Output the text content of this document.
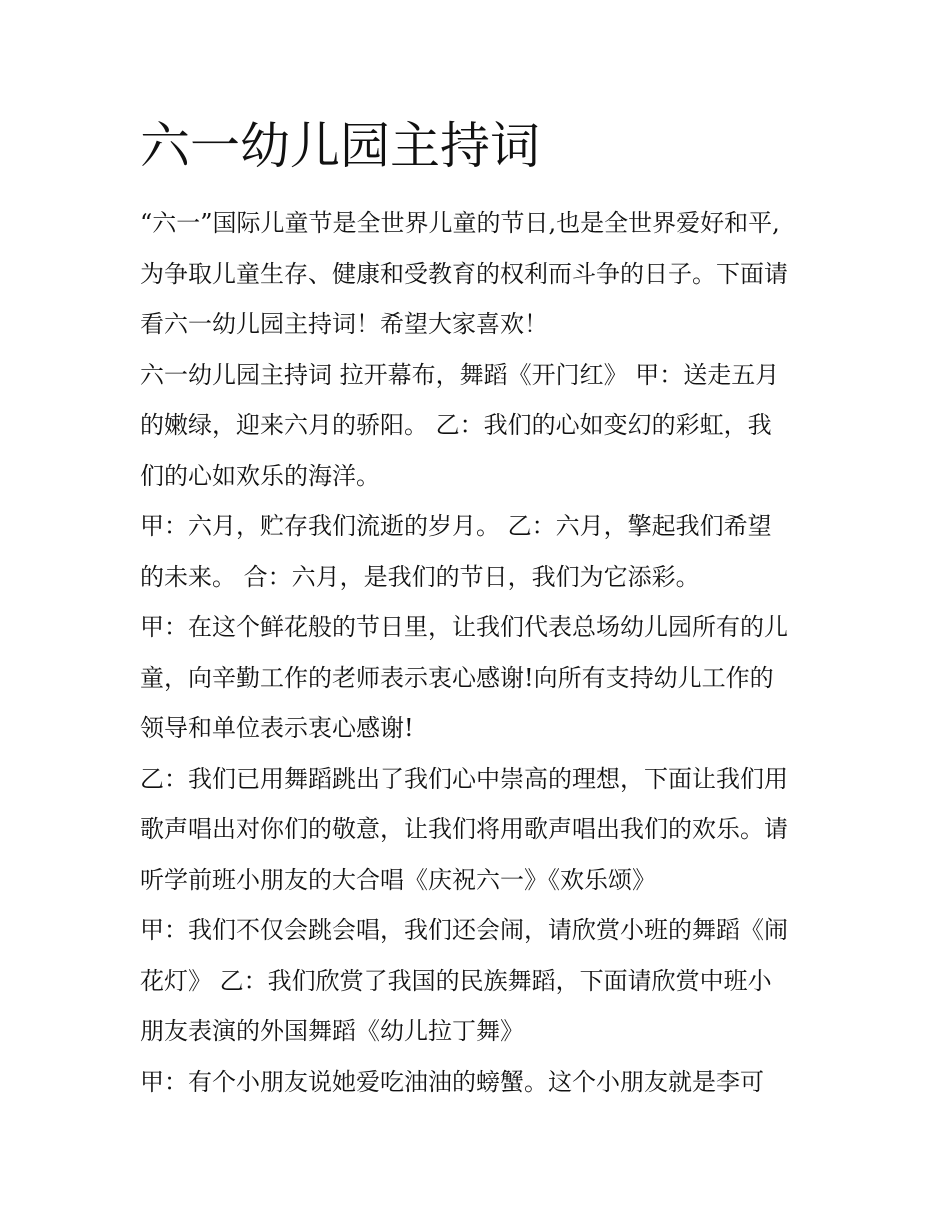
六一幼儿园主持词
“六一”国际儿童节是全世界儿童的节日,也是全世界爱好和平,
为争取儿童生存、健康和受教育的权利而斗争的日子。下面请
看六一幼儿园主持词！希望大家喜欢！
六一幼儿园主持词 拉开幕布，舞蹈《开门红》 甲：送走五月
的嫩绿，迎来六月的骄阳。 乙：我们的心如变幻的彩虹，我
们的心如欢乐的海洋。
甲：六月，贮存我们流逝的岁月。 乙：六月，擎起我们希望
的未来。 合：六月，是我们的节日，我们为它添彩。
甲：在这个鲜花般的节日里，让我们代表总场幼儿园所有的儿
童，向辛勤工作的老师表示衷心感谢!向所有支持幼儿工作的
领导和单位表示衷心感谢!
乙：我们已用舞蹈跳出了我们心中崇高的理想，下面让我们用
歌声唱出对你们的敬意，让我们将用歌声唱出我们的欢乐。请
听学前班小朋友的大合唱《庆祝六一》《欢乐颂》
甲：我们不仅会跳会唱，我们还会闹，请欣赏小班的舞蹈《闹
花灯》 乙：我们欣赏了我国的民族舞蹈，下面请欣赏中班小
朋友表演的外国舞蹈《幼儿拉丁舞》
甲：有个小朋友说她爱吃油油的螃蟹。这个小朋友就是李可
